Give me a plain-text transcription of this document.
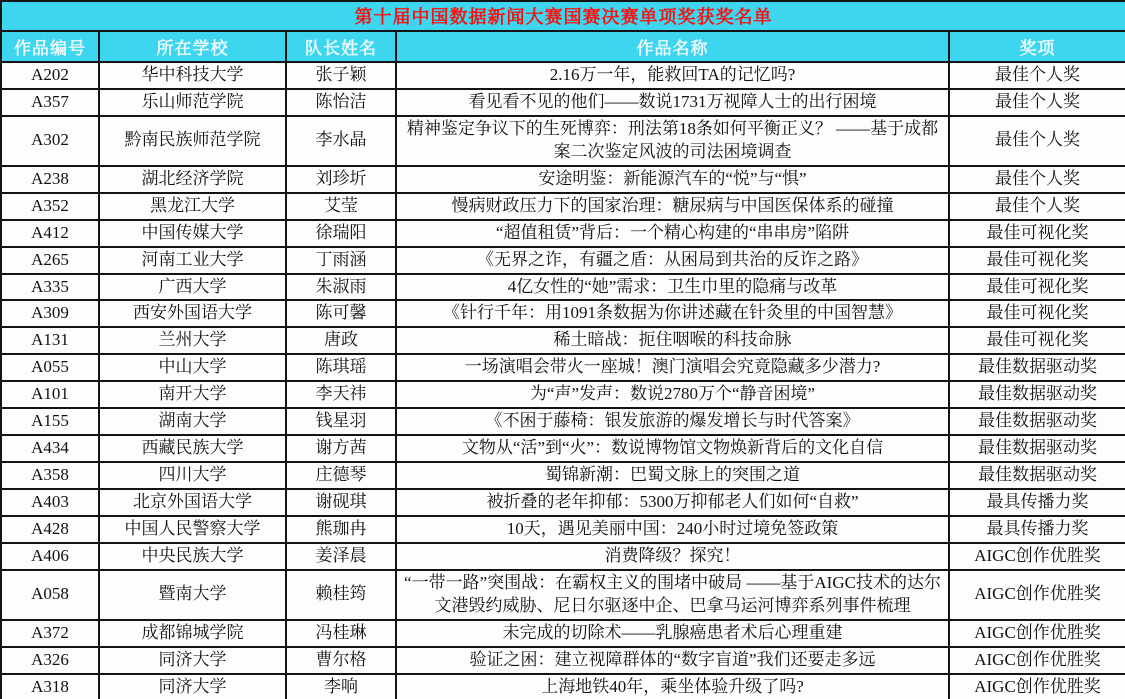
第十届中国数据新闻大赛国赛决赛单项奖获奖名单				
作品编号	所在学校	队长姓名	作品名称	奖项
A202	华中科技大学	张子颖	2.16万一年，能救回TA的记忆吗?	最佳个人奖
A357	乐山师范学院	陈怡洁	看见看不见的他们——数说1731万视障人士的出行困境	最佳个人奖
A302	黔南民族师范学院	李水晶	精神鉴定争议下的生死博弈：刑法第18条如何平衡正义？ ——基于成都案二次鉴定风波的司法困境调查	最佳个人奖
A238	湖北经济学院	刘珍圻	安途明鉴：新能源汽车的“悦”与“惧”	最佳个人奖
A352	黑龙江大学	艾莹	慢病财政压力下的国家治理：糖尿病与中国医保体系的碰撞	最佳个人奖
A412	中国传媒大学	徐瑞阳	“超值租赁”背后：一个精心构建的“串串房”陷阱	最佳可视化奖
A265	河南工业大学	丁雨涵	《无界之诈，有疆之盾：从困局到共治的反诈之路》	最佳可视化奖
A335	广西大学	朱淑雨	4亿女性的“她”需求：卫生巾里的隐痛与改革	最佳可视化奖
A309	西安外国语大学	陈可馨	《针行千年：用1091条数据为你讲述藏在针灸里的中国智慧》	最佳可视化奖
A131	兰州大学	唐政	稀土暗战：扼住咽喉的科技命脉	最佳可视化奖
A055	中山大学	陈琪瑶	一场演唱会带火一座城！澳门演唱会究竟隐藏多少潜力?	最佳数据驱动奖
A101	南开大学	李天祎	为“声”发声：数说2780万个“静音困境”	最佳数据驱动奖
A155	湖南大学	钱星羽	《不困于藤椅：银发旅游的爆发增长与时代答案》	最佳数据驱动奖
A434	西藏民族大学	谢方茜	文物从“活”到“火”：数说博物馆文物焕新背后的文化自信	最佳数据驱动奖
A358	四川大学	庄德琴	蜀锦新潮：巴蜀文脉上的突围之道	最佳数据驱动奖
A403	北京外国语大学	谢砚琪	被折叠的老年抑郁：5300万抑郁老人们如何“自救”	最具传播力奖
A428	中国人民警察大学	熊珈冉	10天，遇见美丽中国：240小时过境免签政策	最具传播力奖
A406	中央民族大学	姜泽晨	消费降级？探究！	AIGC创作优胜奖
A058	暨南大学	赖桂筠	“一带一路”突围战：在霸权主义的围堵中破局 ——基于AIGC技术的达尔文港毁约威胁、尼日尔驱逐中企、巴拿马运河博弈系列事件梳理	AIGC创作优胜奖
A372	成都锦城学院	冯桂琳	未完成的切除术——乳腺癌患者术后心理重建	AIGC创作优胜奖
A326	同济大学	曹尔格	验证之困：建立视障群体的“数字盲道”我们还要走多远	AIGC创作优胜奖
A318	同济大学	李响	上海地铁40年，乘坐体验升级了吗?	AIGC创作优胜奖
